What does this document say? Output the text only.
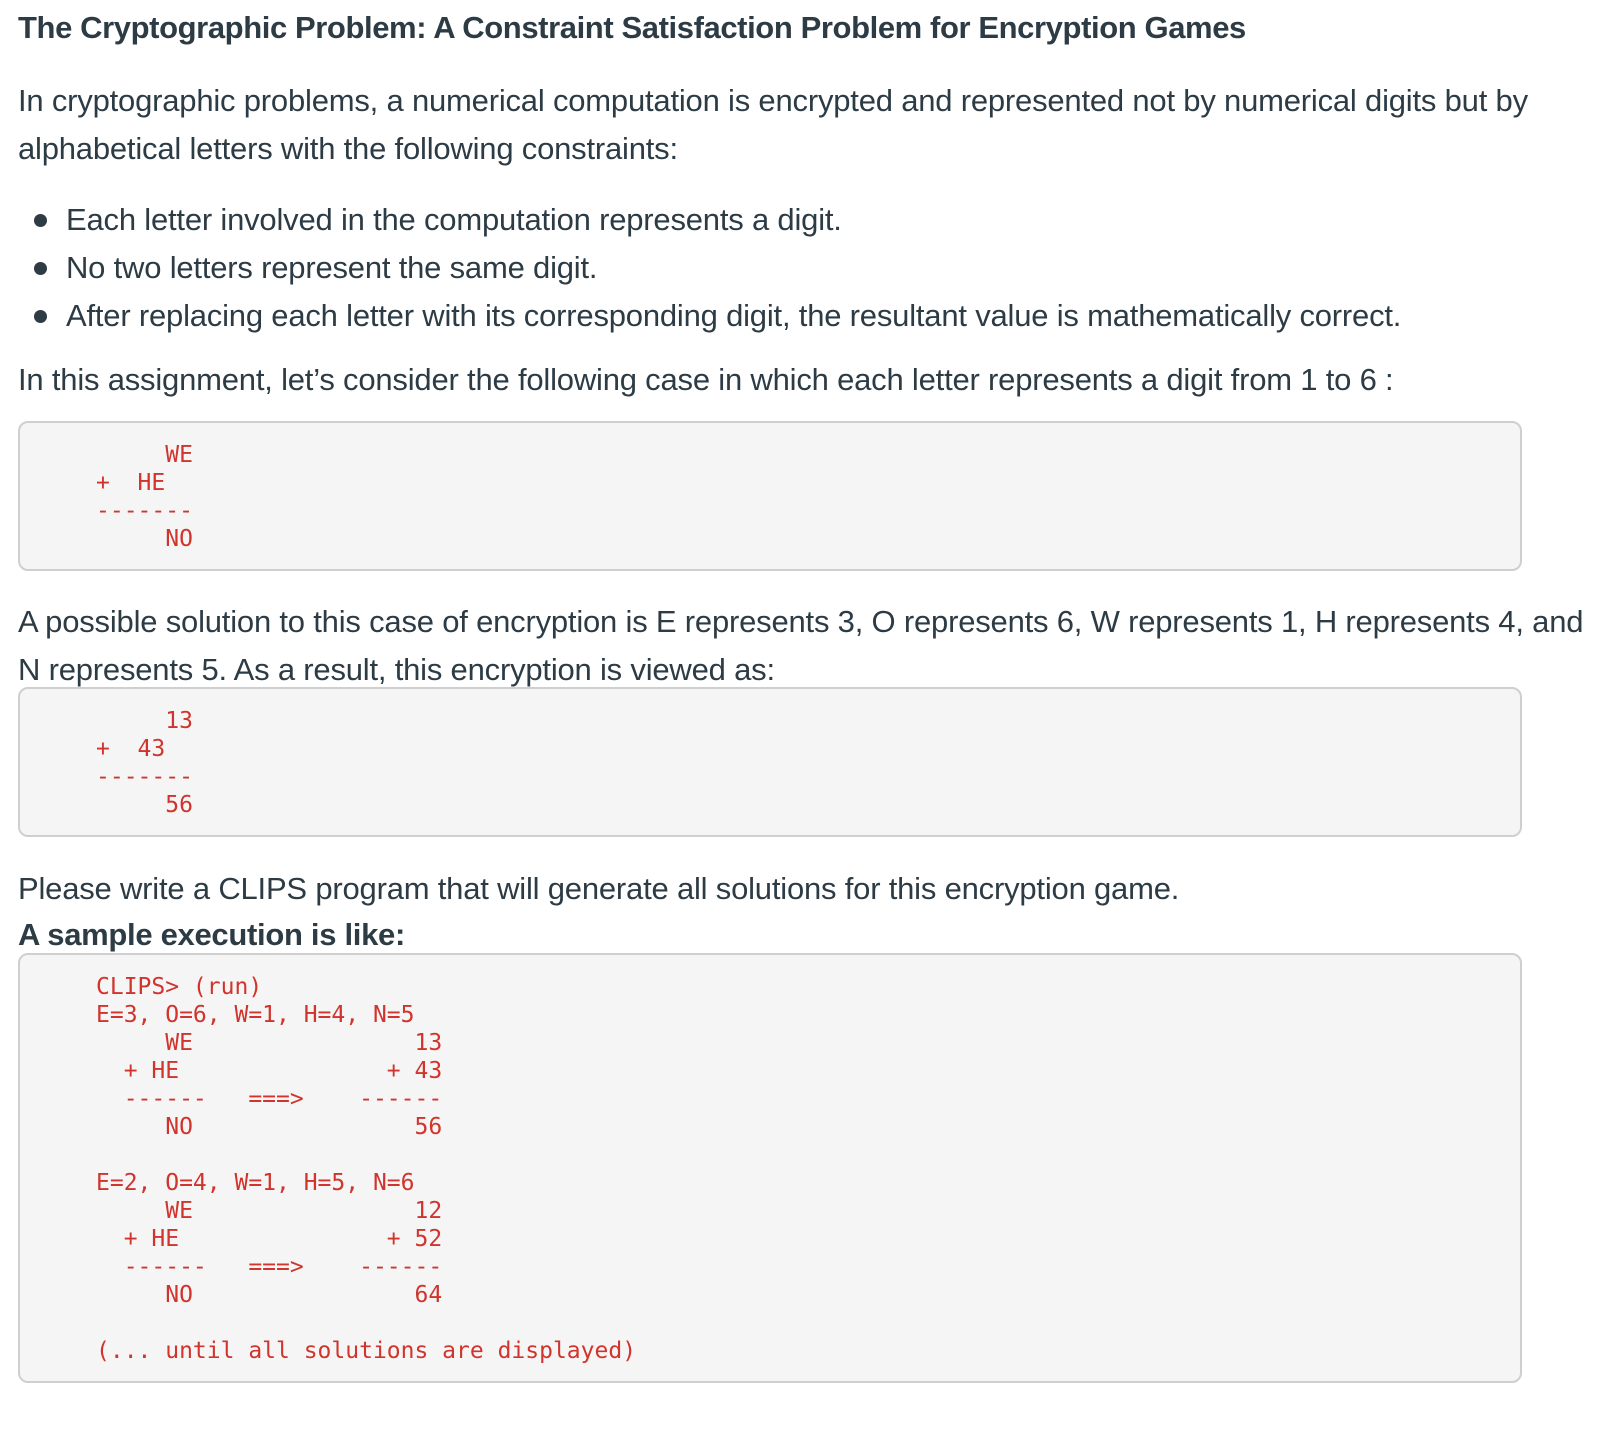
The Cryptographic Problem: A Constraint Satisfaction Problem for Encryption Games

In cryptographic problems, a numerical computation is encrypted and represented not by numerical digits but by alphabetical letters with the following constraints:

Each letter involved in the computation represents a digit.
No two letters represent the same digit.
After replacing each letter with its corresponding digit, the resultant value is mathematically correct.

In this assignment, let’s consider the following case in which each letter represents a digit from 1 to 6 :

WE
+  HE
-------
NO

A possible solution to this case of encryption is E represents 3, O represents 6, W represents 1, H represents 4, and N represents 5. As a result, this encryption is viewed as:

13
+  43
-------
56

Please write a CLIPS program that will generate all solutions for this encryption game.

A sample execution is like:

CLIPS> (run)
E=3, O=6, W=1, H=4, N=5
WE                13
+ HE               + 43
------   ===>    ------
NO                56

E=2, O=4, W=1, H=5, N=6
WE                12
+ HE               + 52
------   ===>    ------
NO                64

(... until all solutions are displayed)
